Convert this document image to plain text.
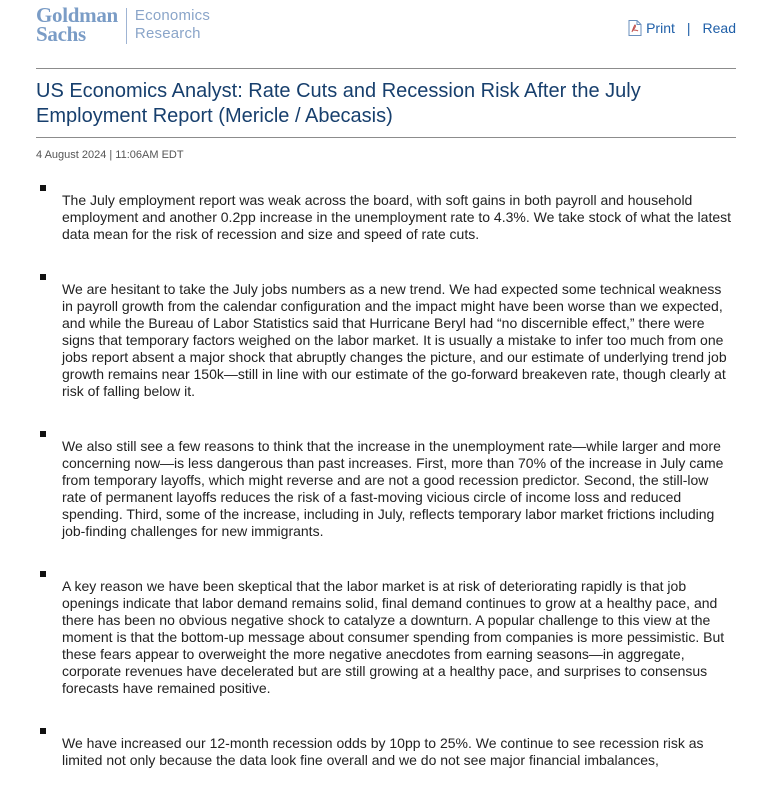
Goldman
Sachs
Economics
Research	Print | Read
US Economics Analyst: Rate Cuts and Recession Risk After the July Employment Report (Mericle / Abecasis)
4 August 2024 | 11:06AM EDT
The July employment report was weak across the board, with soft gains in both payroll and household employment and another 0.2pp increase in the unemployment rate to 4.3%. We take stock of what the latest data mean for the risk of recession and size and speed of rate cuts.
We are hesitant to take the July jobs numbers as a new trend. We had expected some technical weakness in payroll growth from the calendar configuration and the impact might have been worse than we expected, and while the Bureau of Labor Statistics said that Hurricane Beryl had “no discernible effect,” there were signs that temporary factors weighed on the labor market. It is usually a mistake to infer too much from one jobs report absent a major shock that abruptly changes the picture, and our estimate of underlying trend job growth remains near 150k—still in line with our estimate of the go-forward breakeven rate, though clearly at risk of falling below it.
We also still see a few reasons to think that the increase in the unemployment rate—while larger and more concerning now—is less dangerous than past increases. First, more than 70% of the increase in July came from temporary layoffs, which might reverse and are not a good recession predictor. Second, the still-low rate of permanent layoffs reduces the risk of a fast-moving vicious circle of income loss and reduced spending. Third, some of the increase, including in July, reflects temporary labor market frictions including job-finding challenges for new immigrants.
A key reason we have been skeptical that the labor market is at risk of deteriorating rapidly is that job openings indicate that labor demand remains solid, final demand continues to grow at a healthy pace, and there has been no obvious negative shock to catalyze a downturn. A popular challenge to this view at the moment is that the bottom-up message about consumer spending from companies is more pessimistic. But these fears appear to overweight the more negative anecdotes from earning seasons—in aggregate, corporate revenues have decelerated but are still growing at a healthy pace, and surprises to consensus forecasts have remained positive.
We have increased our 12-month recession odds by 10pp to 25%. We continue to see recession risk as limited not only because the data look fine overall and we do not see major financial imbalances,
